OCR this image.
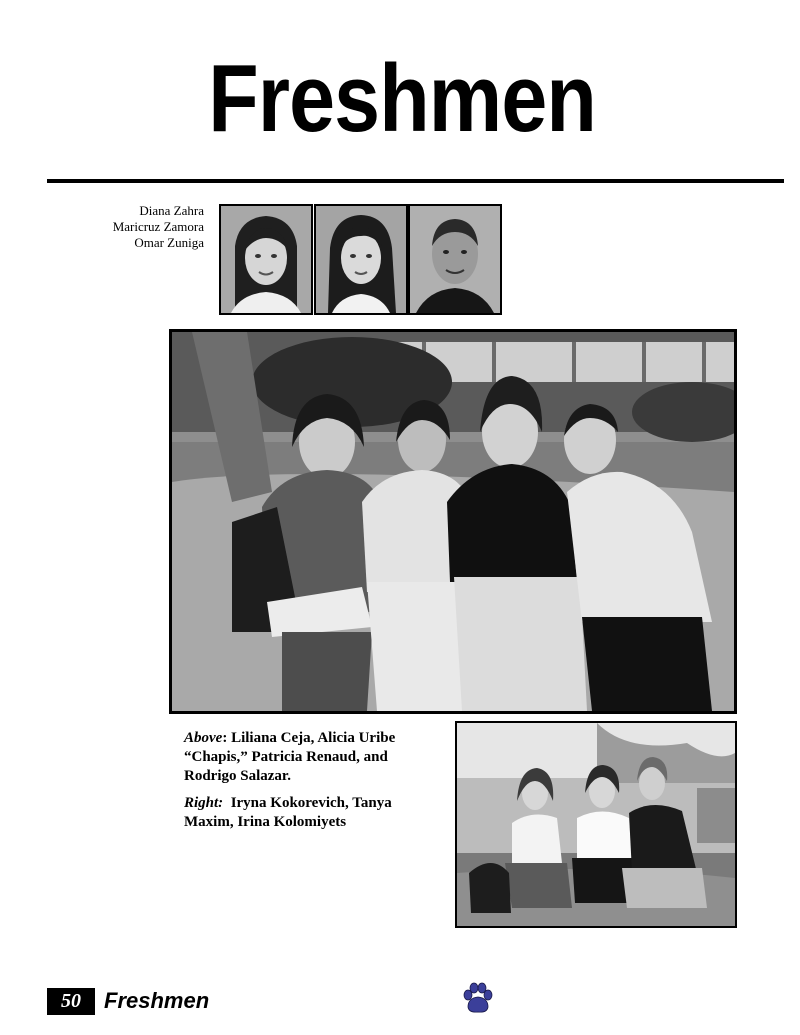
Freshmen
Diana Zahra
Maricruz Zamora
Omar Zuniga

Above: Liliana Ceja, Alicia Uribe “Chapis,” Patricia Renaud, and Rodrigo Salazar.

Right: Iryna Kokorevich, Tanya Maxim, Irina Kolomiyets

50	Freshmen
